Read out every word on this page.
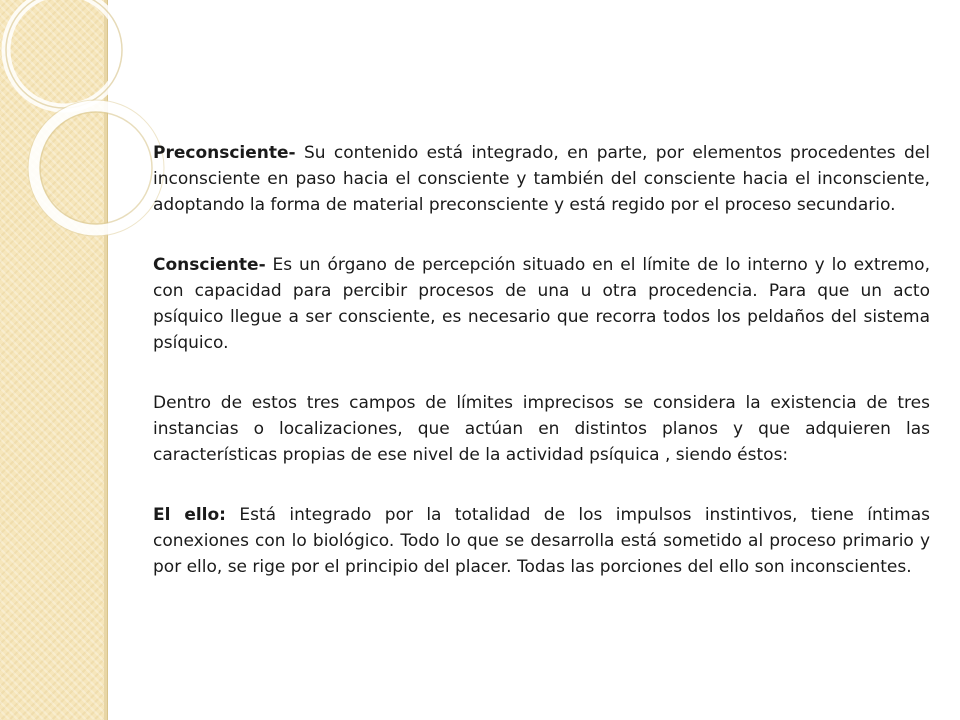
Preconsciente- Su contenido está integrado, en parte, por elementos procedentes del inconsciente en paso hacia el consciente y también del consciente hacia el inconsciente, adoptando la forma de material preconsciente y está regido por el proceso secundario.

Consciente- Es un órgano de percepción situado en el límite de lo interno y lo extremo, con capacidad para percibir procesos de una u otra procedencia. Para que un acto psíquico llegue a ser consciente, es necesario que recorra todos los peldaños del sistema psíquico.

Dentro de estos tres campos de límites imprecisos se considera la existencia de tres instancias o localizaciones, que actúan en distintos planos y que adquieren las características propias de ese nivel de la actividad psíquica , siendo éstos:

El ello: Está integrado por la totalidad de los impulsos instintivos, tiene íntimas conexiones con lo biológico. Todo lo que se desarrolla está sometido al proceso primario y por ello, se rige por el principio del placer. Todas las porciones del ello son inconscientes.
